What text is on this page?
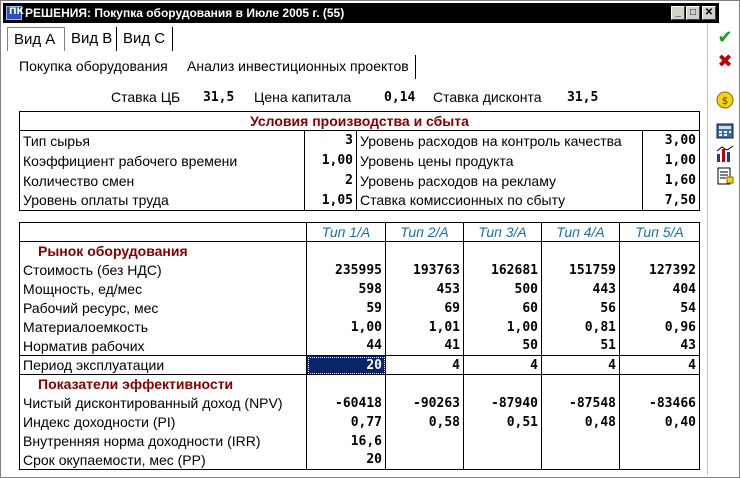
ПК РЕШЕНИЯ: Покупка оборудования в Июле 2005 г. (55)	_ □ ✕
Вид A	Вид B Вид C
Покупка оборудования	Анализ инвестиционных проектов
Ставка ЦБ 31,5 Цена капитала	0,14 Ставка дисконта 31,5
Условия производства и сбыта			
Тип сырья	3	Уровень расходов на контроль качества	3,00
Коэффициент рабочего времени	1,00	Уровень цены продукта	1,00
Количество смен	2	Уровень расходов на рекламу	1,60
Уровень оплаты труда	1,05	Ставка комиссионных по сбыту	7,50
	Тип 1/A	Тип 2/A	Тип 3/A	Тип 4/A	Тип 5/A
Рынок оборудования					
Стоимость (без НДС)	235995	193763	162681	151759	127392
Мощность, ед/мес	598	453	500	443	404
Рабочий ресурс, мес	59	69	60	56	54
Материалоемкость	1,00	1,01	1,00	0,81	0,96
Норматив рабочих	44	41	50	51	43
Период эксплуатации	20	4	4	4	4
Показатели эффективности					
Чистый дисконтированный доход (NPV)	-60418	-90263	-87940	-87548	-83466
Индекс доходности (PI)	0,77	0,58	0,51	0,48	0,40
Внутренняя норма доходности (IRR)	16,6				
Срок окупаемости, мес (PP)	20				
✔
✖
$
